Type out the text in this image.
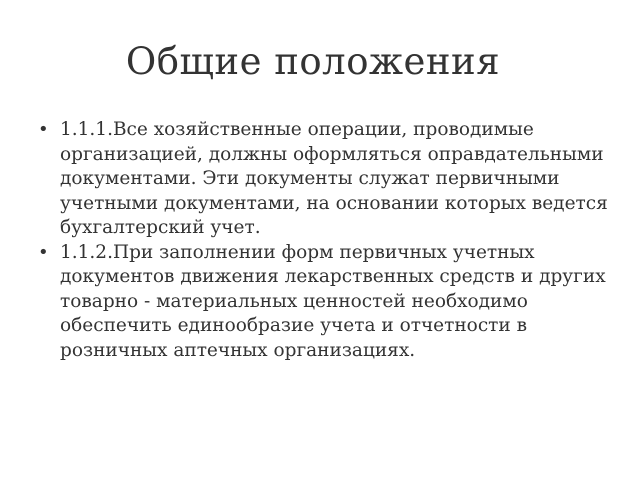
Общие положения
• 1.1.1.Все хозяйственные операции, проводимые организацией, должны оформляться оправдательными документами. Эти документы служат первичными учетными документами, на основании которых ведется бухгалтерский учет.
• 1.1.2.При заполнении форм первичных учетных документов движения лекарственных средств и других товарно - материальных ценностей необходимо обеспечить единообразие учета и отчетности в розничных аптечных организациях.
